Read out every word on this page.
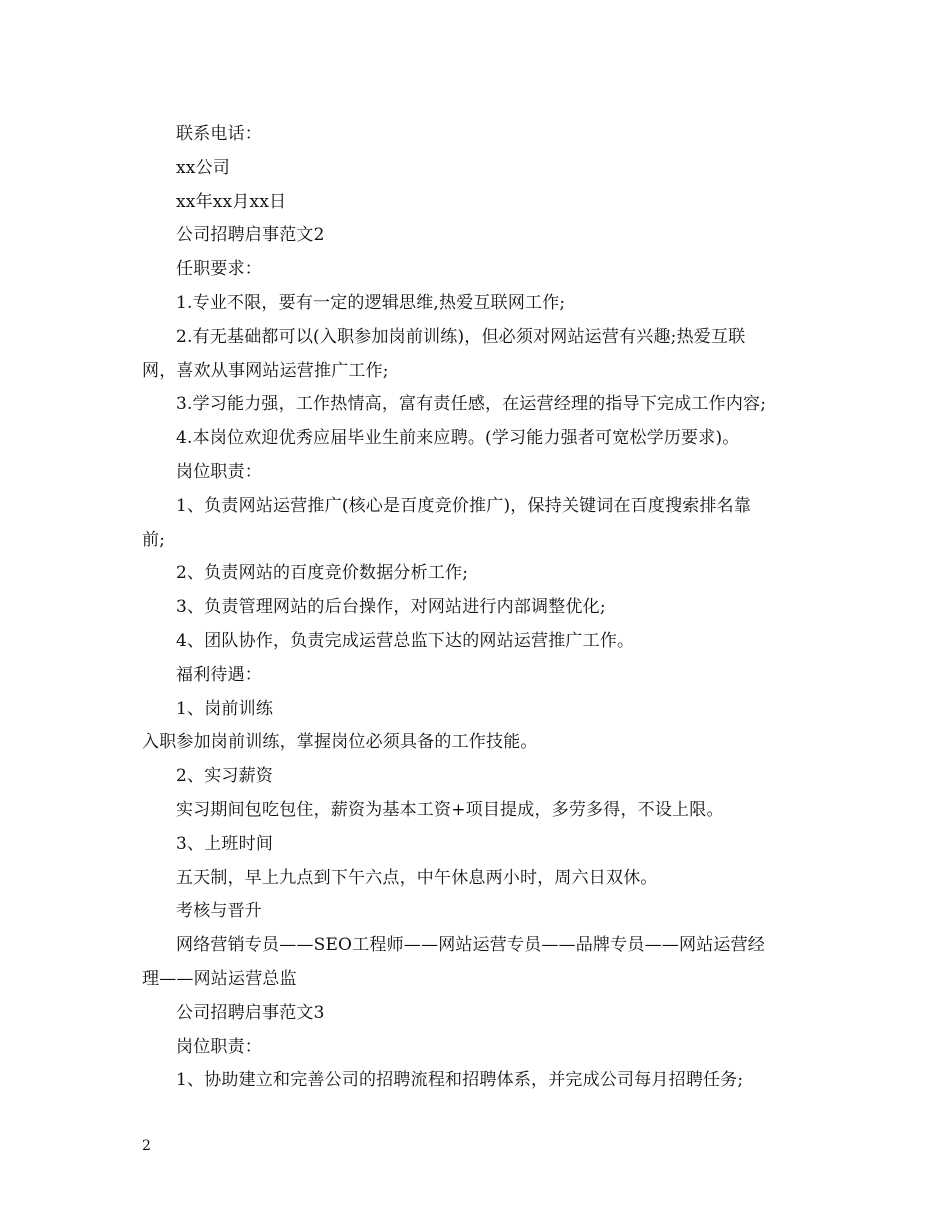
联系电话：
xx公司
xx年xx月xx日
公司招聘启事范文2
任职要求：
1.专业不限，要有一定的逻辑思维,热爱互联网工作;
2.有无基础都可以(入职参加岗前训练)，但必须对网站运营有兴趣;热爱互联
网，喜欢从事网站运营推广工作;
3.学习能力强，工作热情高，富有责任感，在运营经理的指导下完成工作内容;
4.本岗位欢迎优秀应届毕业生前来应聘。(学习能力强者可宽松学历要求)。
岗位职责：
1、负责网站运营推广(核心是百度竞价推广)，保持关键词在百度搜索排名靠
前;
2、负责网站的百度竞价数据分析工作;
3、负责管理网站的后台操作，对网站进行内部调整优化;
4、团队协作，负责完成运营总监下达的网站运营推广工作。
福利待遇：
1、岗前训练
入职参加岗前训练，掌握岗位必须具备的工作技能。
2、实习薪资
实习期间包吃包住，薪资为基本工资+项目提成，多劳多得，不设上限。
3、上班时间
五天制，早上九点到下午六点，中午休息两小时，周六日双休。
考核与晋升
网络营销专员——SEO工程师——网站运营专员——品牌专员——网站运营经
理——网站运营总监
公司招聘启事范文3
岗位职责：
1、协助建立和完善公司的招聘流程和招聘体系，并完成公司每月招聘任务;
2
